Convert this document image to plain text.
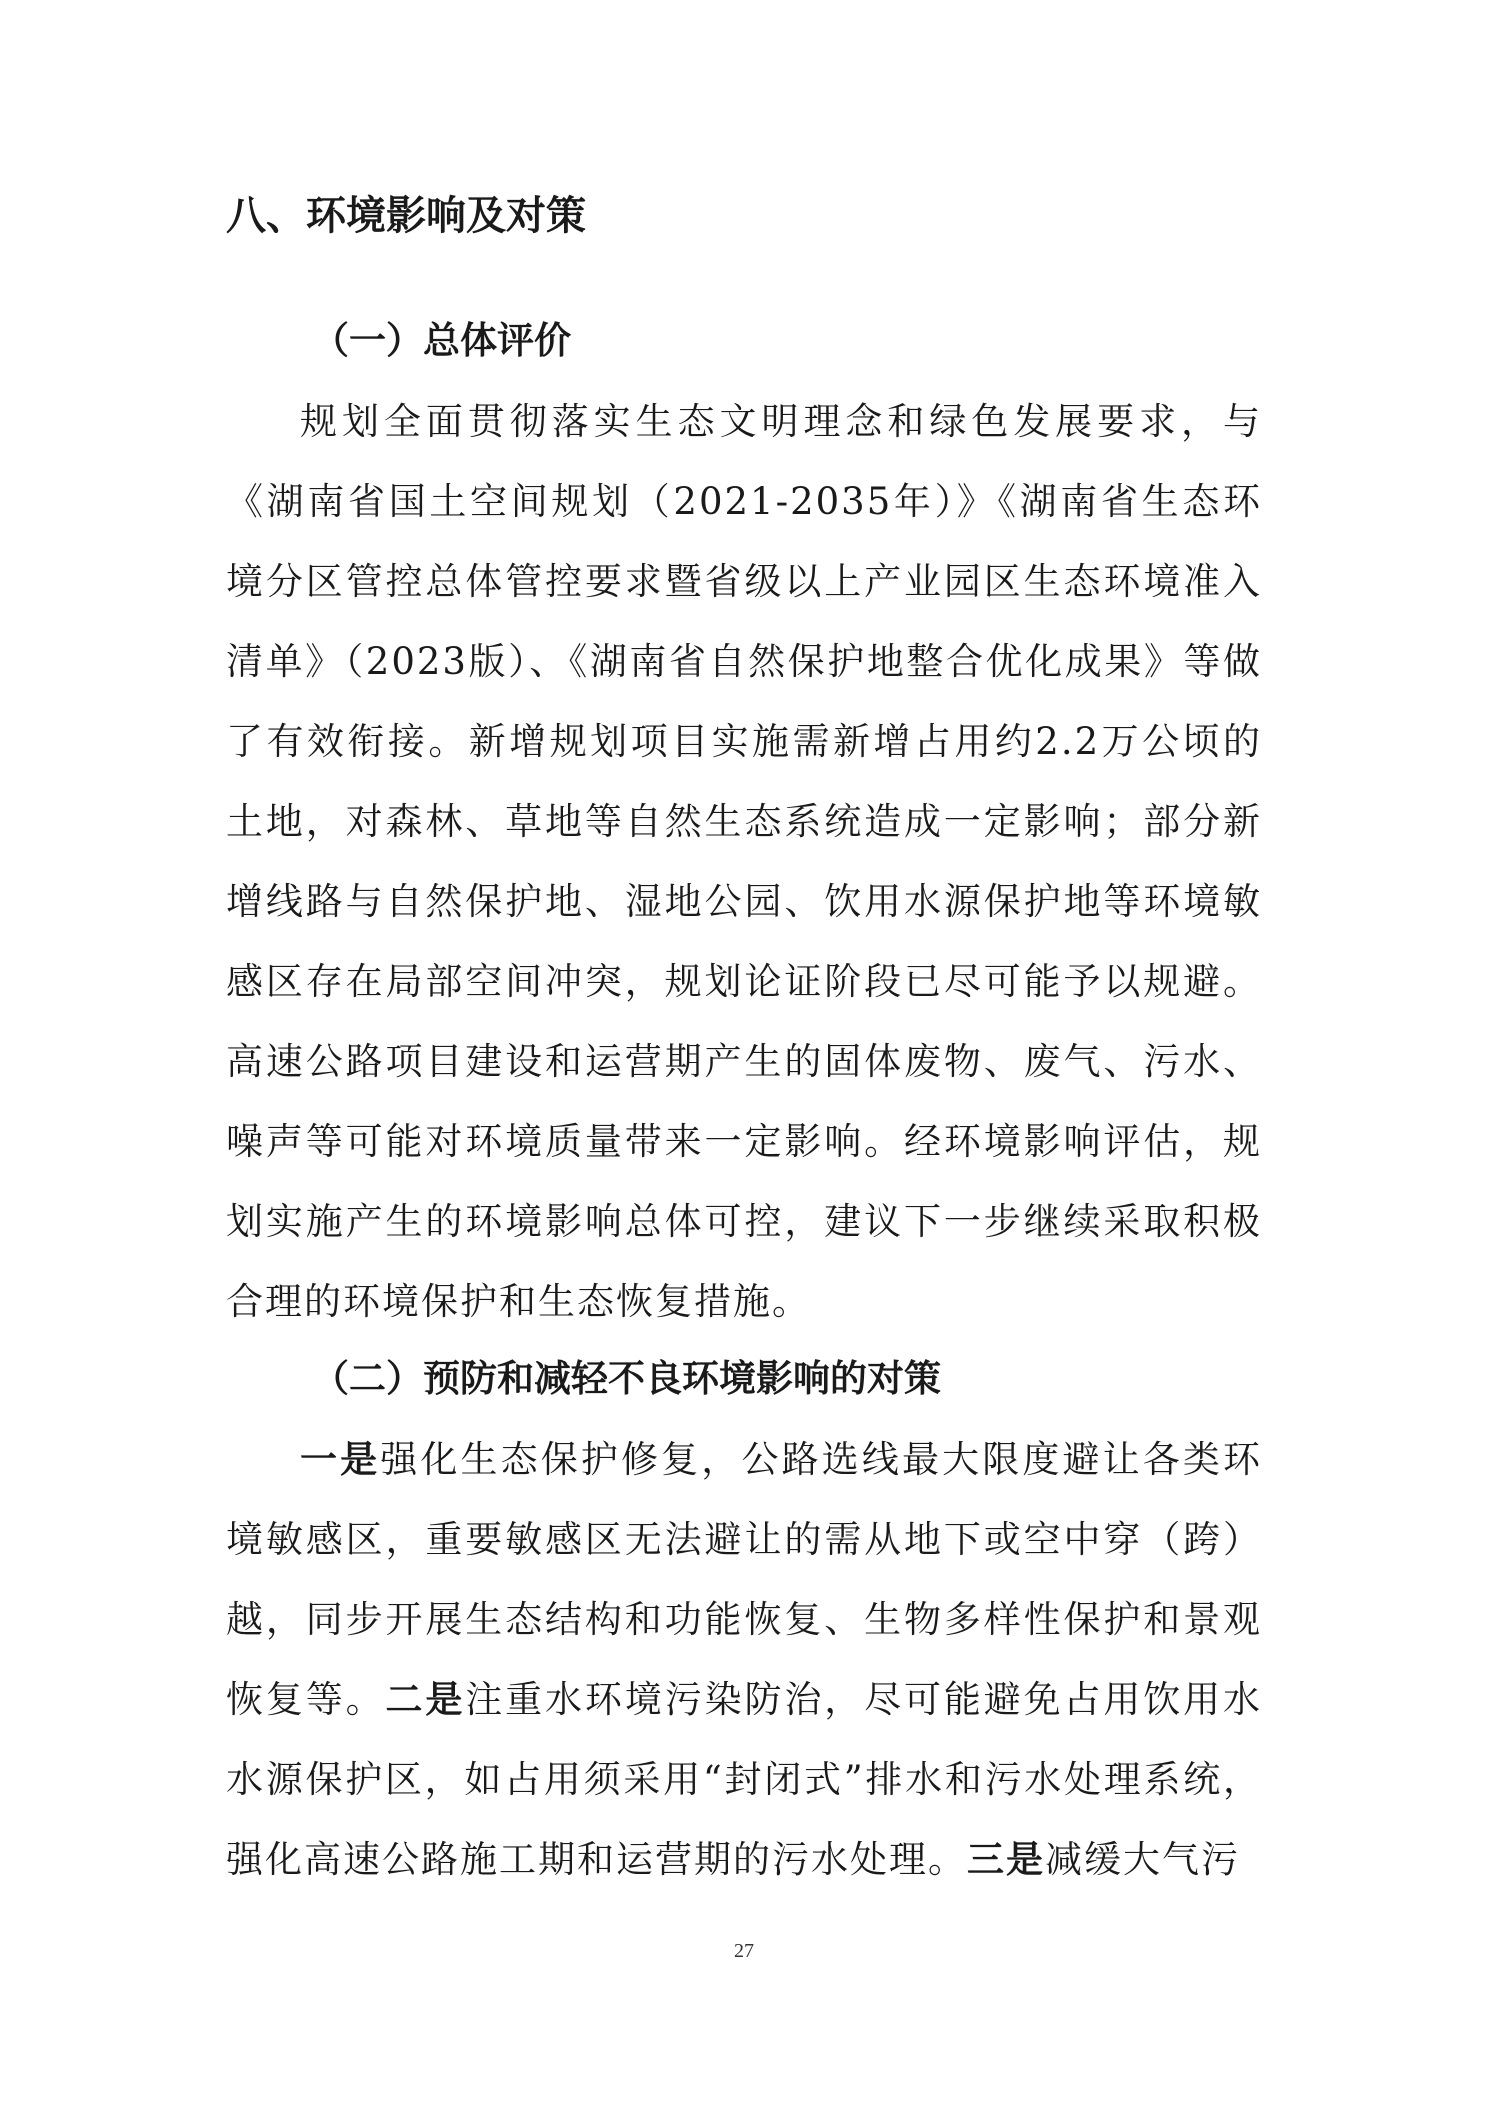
八、环境影响及对策
（一）总体评价

规划全面贯彻落实生态文明理念和绿色发展要求，与《湖南省国土空间规划（2021-2035年）》《湖南省生态环境分区管控总体管控要求暨省级以上产业园区生态环境准入清单》（2023版）、《湖南省自然保护地整合优化成果》等做了有效衔接。新增规划项目实施需新增占用约2.2万公顷的土地，对森林、草地等自然生态系统造成一定影响；部分新增线路与自然保护地、湿地公园、饮用水源保护地等环境敏感区存在局部空间冲突，规划论证阶段已尽可能予以规避。高速公路项目建设和运营期产生的固体废物、废气、污水、噪声等可能对环境质量带来一定影响。经环境影响评估，规划实施产生的环境影响总体可控，建议下一步继续采取积极合理的环境保护和生态恢复措施。

（二）预防和减轻不良环境影响的对策

一是强化生态保护修复，公路选线最大限度避让各类环境敏感区，重要敏感区无法避让的需从地下或空中穿（跨）越，同步开展生态结构和功能恢复、生物多样性保护和景观恢复等。二是注重水环境污染防治，尽可能避免占用饮用水水源保护区，如占用须采用“封闭式”排水和污水处理系统，强化高速公路施工期和运营期的污水处理。三是减缓大气污

27
